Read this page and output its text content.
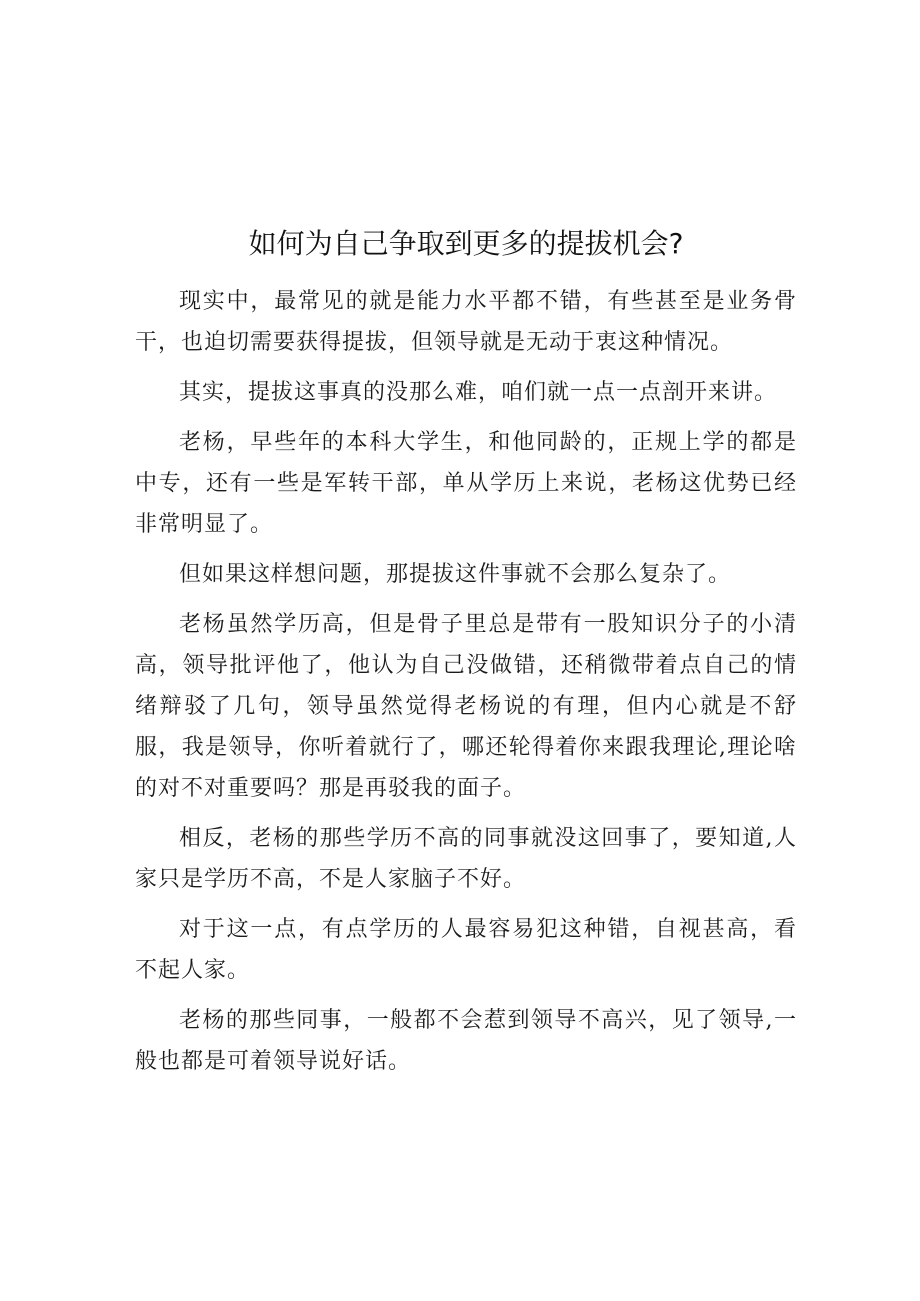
如何为自己争取到更多的提拔机会?

现实中，最常见的就是能力水平都不错，有些甚至是业务骨干，也迫切需要获得提拔，但领导就是无动于衷这种情况。

其实，提拔这事真的没那么难，咱们就一点一点剖开来讲。

老杨，早些年的本科大学生，和他同龄的，正规上学的都是中专，还有一些是军转干部，单从学历上来说，老杨这优势已经非常明显了。

但如果这样想问题，那提拔这件事就不会那么复杂了。

老杨虽然学历高，但是骨子里总是带有一股知识分子的小清高，领导批评他了，他认为自己没做错，还稍微带着点自己的情绪辩驳了几句，领导虽然觉得老杨说的有理，但内心就是不舒服，我是领导，你听着就行了，哪还轮得着你来跟我理论,理论啥的对不对重要吗？那是再驳我的面子。

相反，老杨的那些学历不高的同事就没这回事了，要知道,人家只是学历不高，不是人家脑子不好。

对于这一点，有点学历的人最容易犯这种错，自视甚高，看不起人家。

老杨的那些同事，一般都不会惹到领导不高兴，见了领导,一般也都是可着领导说好话。
